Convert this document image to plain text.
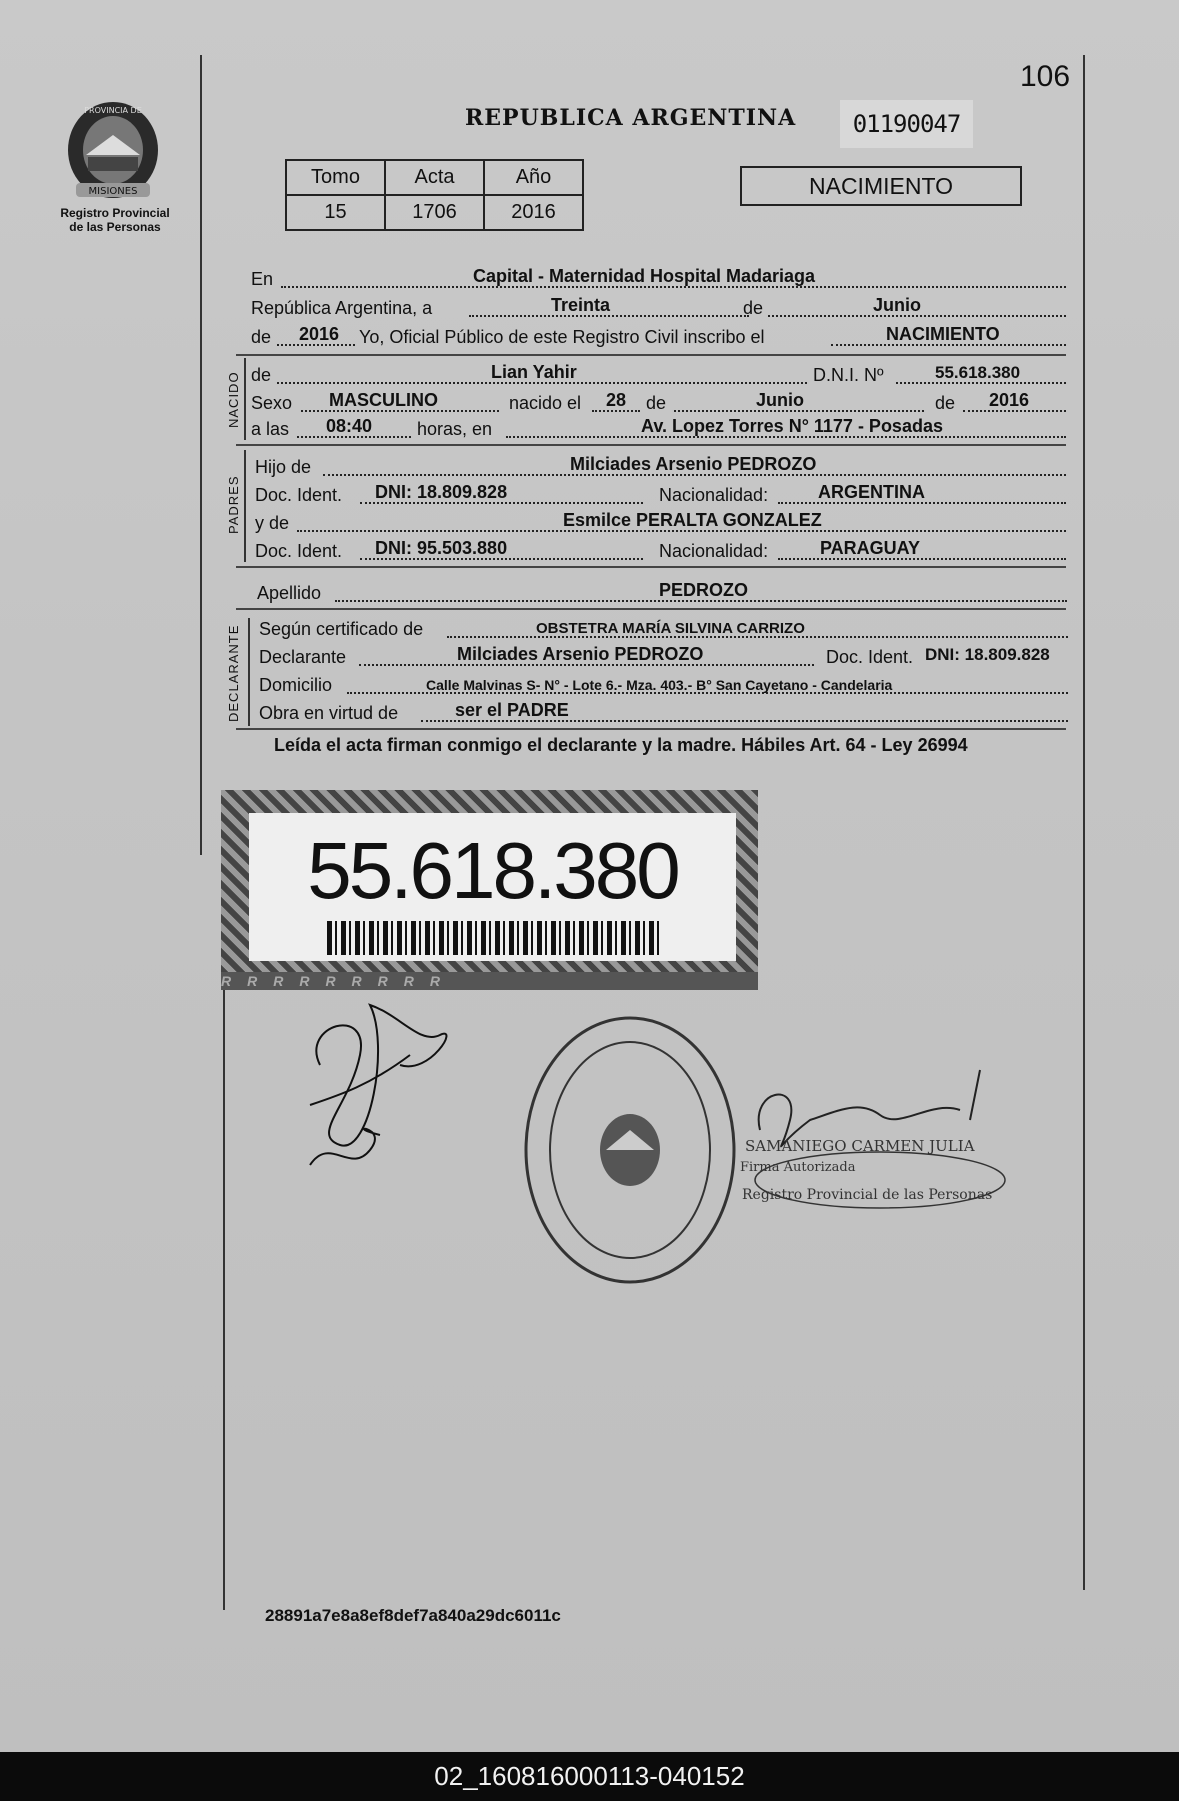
MISIONES
PROVINCIA DE
Registro Provincial
de las Personas
106
REPUBLICA ARGENTINA	01190047
Tomo	Acta	Año
15	1706	2016
NACIMIENTO
En	Capital - Maternidad Hospital Madariaga
República Argentina, a	Treinta	de	Junio
de 2016 Yo, Oficial Público de este Registro Civil inscribo el	NACIMIENTO
NACIDO de	Lian Yahir	D.N.I. Nº	55.618.380
Sexo MASCULINO	nacido el 28 de	Junio	de 2016
a las 08:40 horas, en	Av. Lopez Torres N° 1177 - Posadas
PADRES
Hijo de	Milciades Arsenio PEDROZO
Doc. Ident. DNI: 18.809.828	Nacionalidad:	ARGENTINA
y de	Esmilce PERALTA GONZALEZ
Doc. Ident. DNI: 95.503.880	Nacionalidad:	PARAGUAY
Apellido	PEDROZO
DECLARANTE Según certificado de	OBSTETRA MARÍA SILVINA CARRIZO
Declarante	Milciades Arsenio PEDROZO	Doc. Ident. DNI: 18.809.828
Domicilio	Calle Malvinas S- N° - Lote 6.- Mza. 403.- B° San Cayetano - Candelaria
Obra en virtud de	ser el PADRE
Leída el acta firman conmigo el declarante y la madre. Hábiles Art. 64 - Ley 26994
55.618.380
RRRRRRRRR
SAMANIEGO CARMEN JULIA
Firma Autorizada
Registro Provincial de las Personas
28891a7e8a8ef8def7a840a29dc6011c
02_160816000113-040152
